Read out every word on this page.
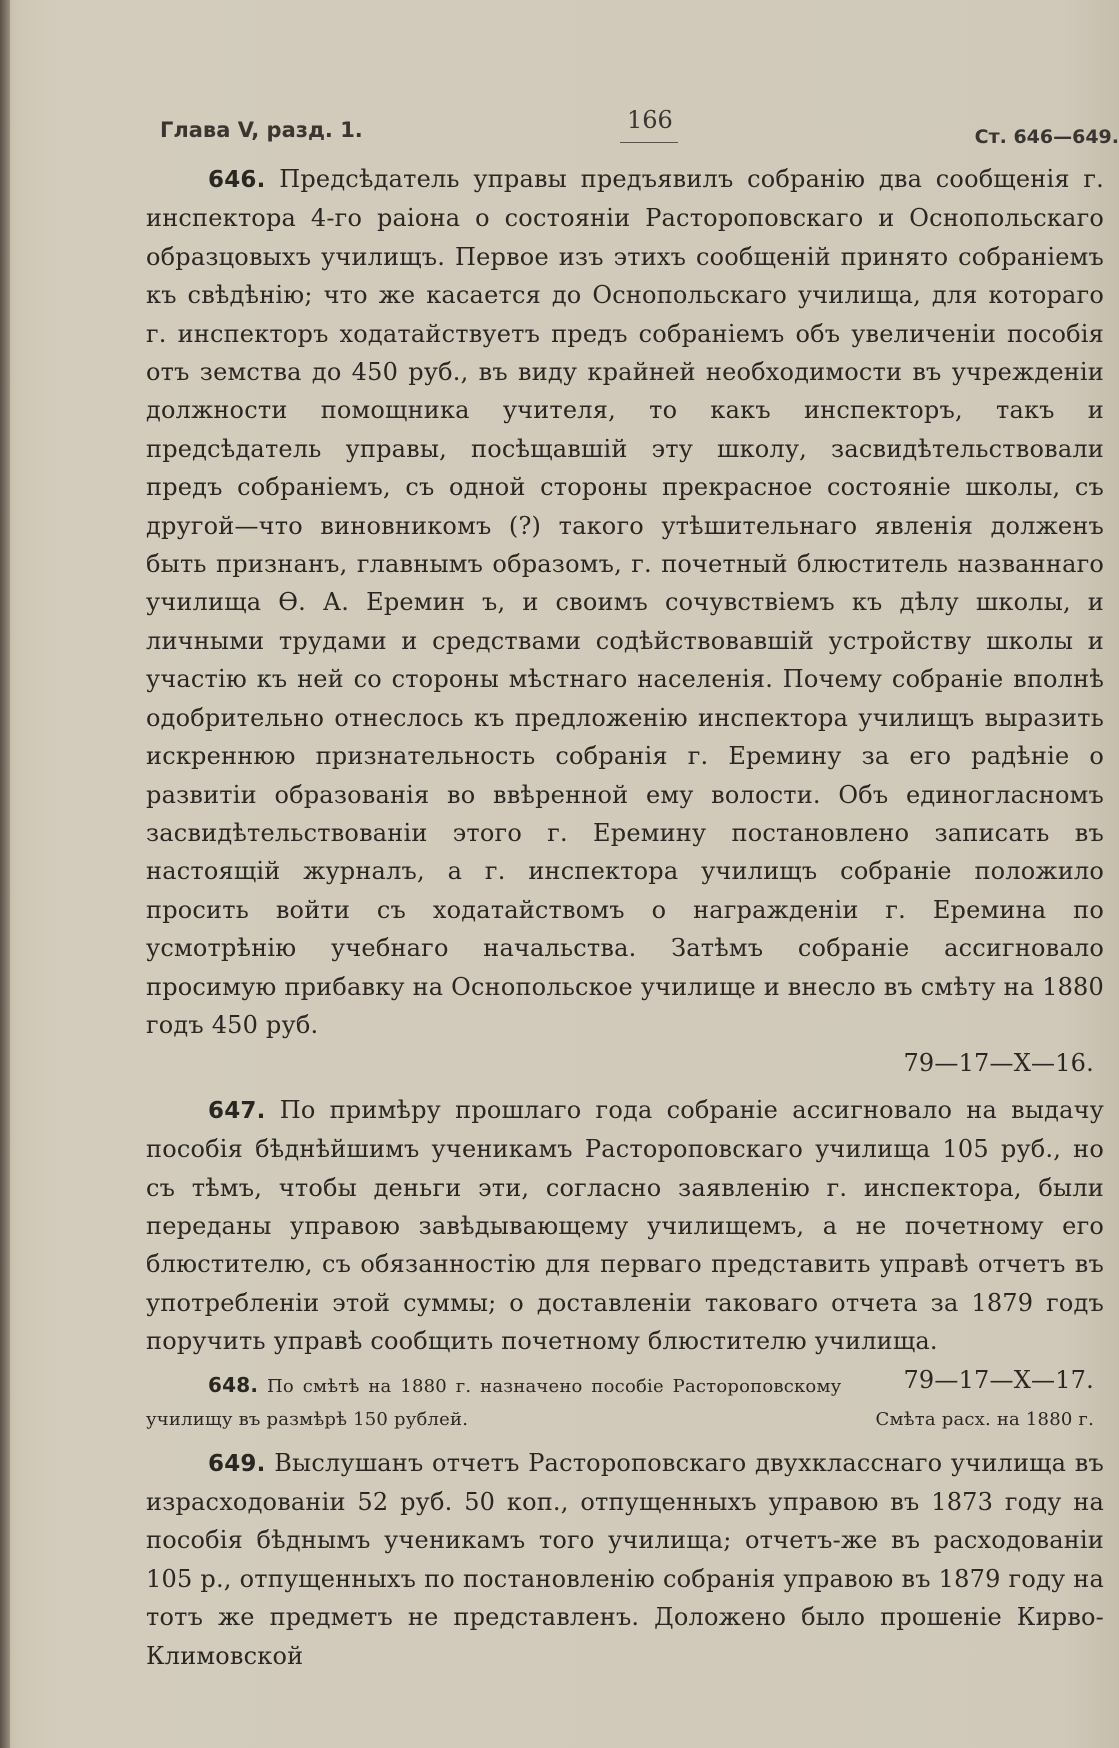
Глава V, разд. 1.	166
Ст. 646—649.

646. Предсѣдатель управы предъявилъ собранію два сообщенія г. инспектора 4-го раіона о состояніи Растороповскаго и Оснопольскаго образцовыхъ училищъ. Первое изъ этихъ сообщеній принято собраніемъ къ свѣдѣнію; что же касается до Оснопольскаго училища, для котораго г. инспекторъ ходатайствуетъ предъ собраніемъ объ увеличеніи пособія отъ земства до 450 руб., въ виду крайней необходимости въ учрежденіи должности помощника учителя, то какъ инспекторъ, такъ и предсѣдатель управы, посѣщавшій эту школу, засвидѣтельствовали предъ собраніемъ, съ одной стороны прекрасное состояніе школы, съ другой—что виновникомъ (?) такого утѣшительнаго явленія долженъ быть признанъ, главнымъ образомъ, г. почетный блюститель названнаго училища Ѳ. А. Еремин ъ, и своимъ сочувствіемъ къ дѣлу школы, и личными трудами и средствами содѣйствовавшій устройству школы и участію къ ней со стороны мѣстнаго населенія. Почему собраніе вполнѣ одобрительно отнеслось къ предложенію инспектора училищъ выразить искреннюю признательность собранія г. Еремину за его радѣніе о развитіи образованія во ввѣренной ему волости. Объ единогласномъ засвидѣтельствованіи этого г. Еремину постановлено записать въ настоящій журналъ, а г. инспектора училищъ собраніе положило просить войти съ ходатайствомъ о награжденіи г. Еремина по усмотрѣнію учебнаго начальства. Затѣмъ собраніе ассигновало просимую прибавку на Оснопольское училище и внесло въ смѣту на 1880 годъ 450 руб.

79—17—X—16.

647. По примѣру прошлаго года собраніе ассигновало на выдачу пособія бѣднѣйшимъ ученикамъ Растороповскаго училища 105 руб., но съ тѣмъ, чтобы деньги эти, согласно заявленію г. инспектора, были переданы управою завѣдывающему училищемъ, а не почетному его блюстителю, съ обязанностію для перваго представить управѣ отчетъ въ употребленіи этой суммы; о доставленіи таковаго отчета за 1879 годъ поручить управѣ сообщить почетному блюстителю училища.
79—17—X—17.

648. По смѣтѣ на 1880 г. назначено пособіе Растороповскому училищу въ размѣрѣ 150 рублей.	Смѣта расх. на 1880 г.

649. Выслушанъ отчетъ Растороповскаго двухкласснаго училища въ израсходованіи 52 руб. 50 коп., отпущенныхъ управою въ 1873 году на пособія бѣднымъ ученикамъ того училища; отчетъ-же въ расходованіи 105 р., отпущенныхъ по постановленію собранія управою въ 1879 году на тотъ же предметъ не представленъ. Доложено было прошеніе Кирво-Климовской
